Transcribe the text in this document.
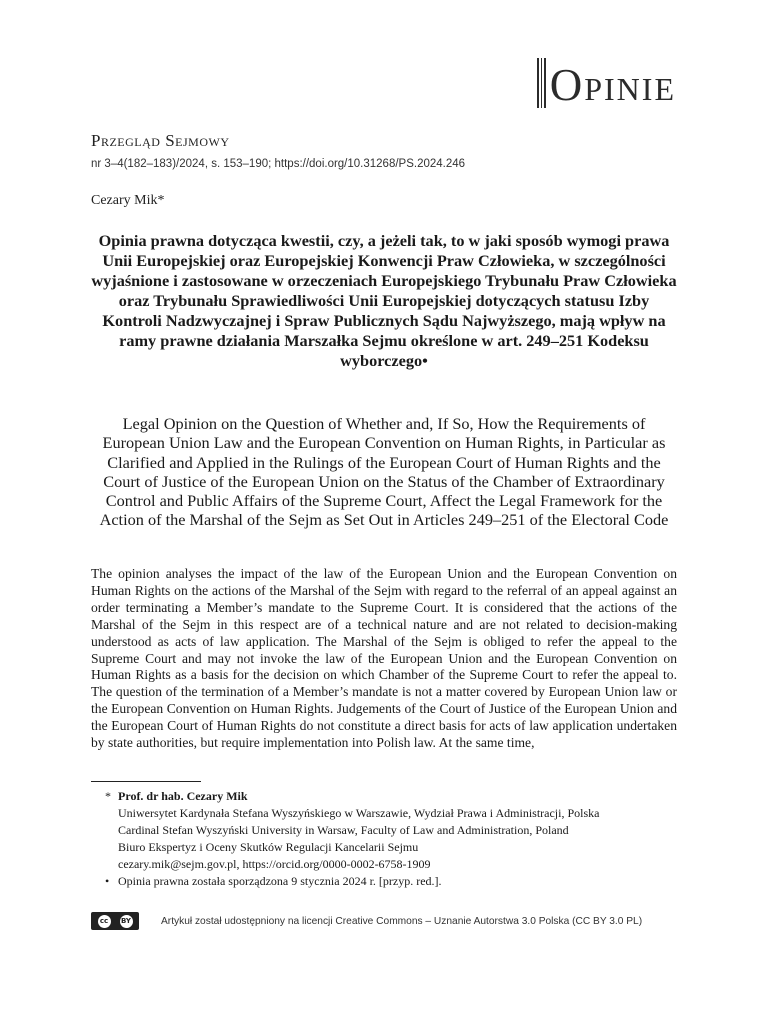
Opinie
Przegląd Sejmowy
nr 3–4(182–183)/2024, s. 153–190; https://doi.org/10.31268/PS.2024.246
Cezary Mik*

Opinia prawna dotycząca kwestii, czy, a jeżeli tak, to w jaki sposób wymogi prawa Unii Europejskiej oraz Europejskiej Konwencji Praw Człowieka, w szczególności wyjaśnione i zastosowane w orzeczeniach Europejskiego Trybunału Praw Człowieka oraz Trybunału Sprawiedliwości Unii Europejskiej dotyczących statusu Izby Kontroli Nadzwyczajnej i Spraw Publicznych Sądu Najwyższego, mają wpływ na ramy prawne działania Marszałka Sejmu określone w art. 249–251 Kodeksu wyborczego•

Legal Opinion on the Question of Whether and, If So, How the Requirements of European Union Law and the European Convention on Human Rights, in Particular as Clarified and Applied in the Rulings of the European Court of Human Rights and the Court of Justice of the European Union on the Status of the Chamber of Extraordinary Control and Public Affairs of the Supreme Court, Affect the Legal Framework for the Action of the Marshal of the Sejm as Set Out in Articles 249–251 of the Electoral Code

The opinion analyses the impact of the law of the European Union and the European Convention on Human Rights on the actions of the Marshal of the Sejm with regard to the referral of an appeal against an order terminating a Member’s mandate to the Supreme Court. It is considered that the actions of the Marshal of the Sejm in this respect are of a technical nature and are not related to decision-making understood as acts of law application. The Marshal of the Sejm is obliged to refer the appeal to the Supreme Court and may not invoke the law of the European Union and the European Convention on Human Rights as a basis for the decision on which Chamber of the Supreme Court to refer the appeal to. The question of the termination of a Member’s mandate is not a matter covered by European Union law or the European Convention on Human Rights. Judgements of the Court of Justice of the European Union and the European Court of Human Rights do not constitute a direct basis for acts of law application undertaken by state authorities, but require implementation into Polish law. At the same time,

* Prof. dr hab. Cezary Mik
Uniwersytet Kardynała Stefana Wyszyńskiego w Warszawie, Wydział Prawa i Administracji, Polska
Cardinal Stefan Wyszyński University in Warsaw, Faculty of Law and Administration, Poland
Biuro Ekspertyz i Oceny Skutków Regulacji Kancelarii Sejmu
cezary.mik@sejm.gov.pl, https://orcid.org/0000-0002-6758-1909
• Opinia prawna została sporządzona 9 stycznia 2024 r. [przyp. red.].
cc	BY	Artykuł został udostępniony na licencji Creative Commons – Uznanie Autorstwa 3.0 Polska (CC BY 3.0 PL)
